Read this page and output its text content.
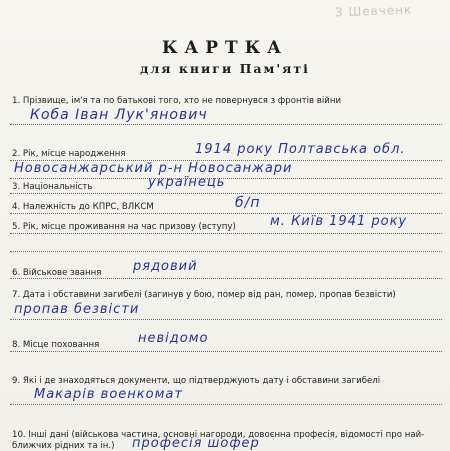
3 Шевченк
КАРТКА
для книги Пам'яті
1. Прізвище, ім'я та по батькові того, хто не повернувся з фронтів війни
Коба Іван Лук'янович
2. Рік, місце народження	1914 року Полтавська обл.
Новосанжарський р-н Новосанжари
3. Національність	українець
4. Належність до КПРС, ВЛКСМ	б/п
5. Рік, місце проживання на час призову (вступу)	м. Київ 1941 року
6. Військове звання рядовий
7. Дата і обставини загибелі (загинув у бою, помер від ран, помер, пропав безвісти)
пропав безвісти
8. Місце поховання	невідомо
9. Які і де знаходяться документи, що підтверджують дату і обставини загибелі
Макарів военкомат
10. Інші дані (військова частина, основні нагороди, довоєнна професія, відомості про най-
ближчих рідних та ін.) професія шофер
